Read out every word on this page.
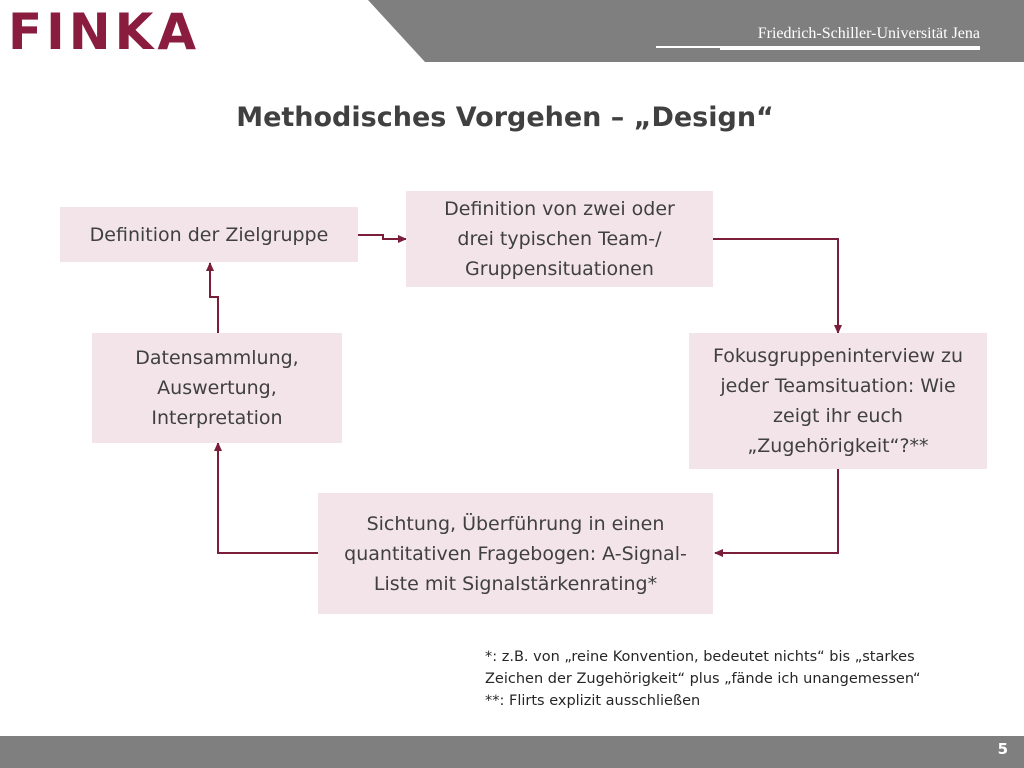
FINKA	Friedrich-Schiller-Universität Jena
Methodisches Vorgehen – „Design“
Definition der Zielgruppe
Definition von zwei oder
drei typischen Team-/
Gruppensituationen
Fokusgruppeninterview zu
jeder Teamsituation: Wie
zeigt ihr euch
„Zugehörigkeit“?**
Sichtung, Überführung in einen
quantitativen Fragebogen: A-Signal-
Liste mit Signalstärkenrating*
Datensammlung,
Auswertung,
Interpretation
*: z.B. von „reine Konvention, bedeutet nichts“ bis „starkes
Zeichen der Zugehörigkeit“ plus „fände ich unangemessen“
**: Flirts explizit ausschließen
5
